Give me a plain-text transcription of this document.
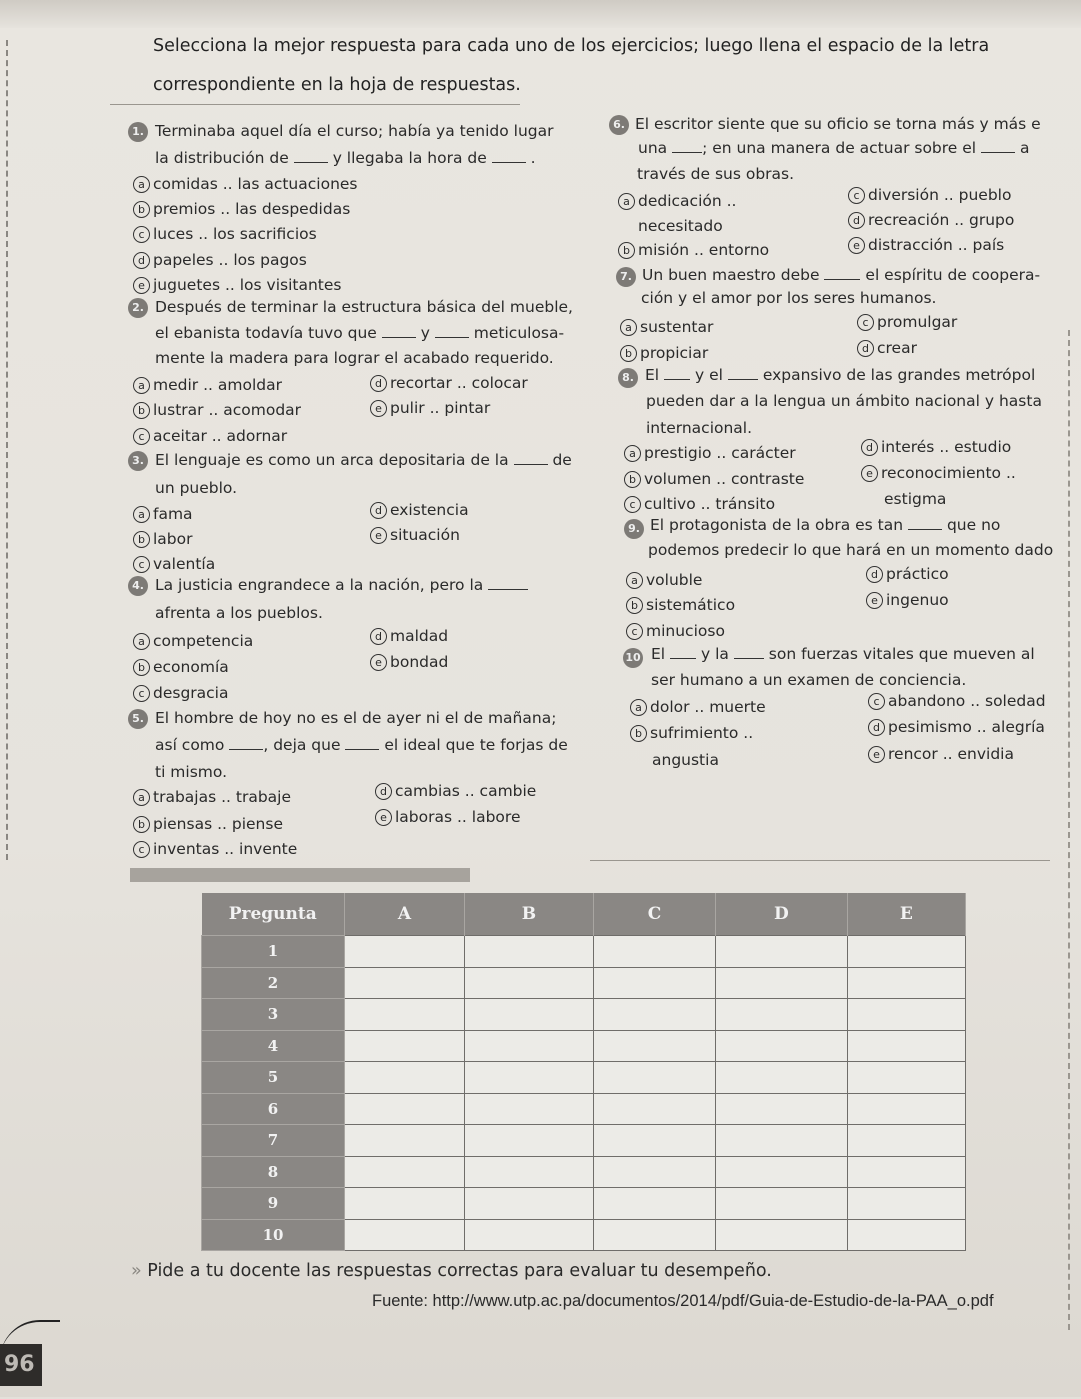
Selecciona la mejor respuesta para cada uno de los ejercicios; luego llena el espacio de la letra
correspondiente en la hoja de respuestas.
1. Terminaba aquel día el curso; había ya tenido lugar
la distribución de	y llegaba la hora de	.
a comidas .. las actuaciones
b premios .. las despedidas
c luces .. los sacrificios
d papeles .. los pagos
e juguetes .. los visitantes
2. Después de terminar la estructura básica del mueble,
el ebanista todavía tuvo que	y	meticulosa-
mente la madera para lograr el acabado requerido.
a medir .. amoldar
b lustrar .. acomodar
c aceitar .. adornar
d recortar .. colocar
e pulir .. pintar
3. El lenguaje es como un arca depositaria de la	de
un pueblo.
a fama
b labor
c valentía
d existencia
e situación
4. La justicia engrandece a la nación, pero la
afrenta a los pueblos.
a competencia
b economía
c desgracia
d maldad
e bondad
5. El hombre de hoy no es el de ayer ni el de mañana;
así como	, deja que	el ideal que te forjas de
ti mismo.
a trabajas .. trabaje
b piensas .. piense
c inventas .. invente
d cambias .. cambie
e laboras .. labore
6. El escritor siente que su oficio se torna más y más e
una ; en una manera de actuar sobre el	a
través de sus obras.
a dedicación ..
necesitado
b misión .. entorno
c diversión .. pueblo
d recreación .. grupo
e distracción .. país
7. Un buen maestro debe	el espíritu de coopera-
ción y el amor por los seres humanos.
a sustentar
b propiciar
c promulgar
d crear
8. El y el	expansivo de las grandes metrópol
pueden dar a la lengua un ámbito nacional y hasta
internacional.
a prestigio .. carácter
b volumen .. contraste
c cultivo .. tránsito
d interés .. estudio
e reconocimiento ..
estigma
9. El protagonista de la obra es tan	que no
podemos predecir lo que hará en un momento dado
a voluble
b sistemático
c minucioso
d práctico
e ingenuo
10 El y la	son fuerzas vitales que mueven al
ser humano a un examen de conciencia.
a dolor .. muerte
b sufrimiento ..
angustia
c abandono .. soledad
d pesimismo .. alegría
e rencor .. envidia
Pregunta	A	B	C	D	E
1					
2					
3					
4					
5					
6					
7					
8					
9					
10					
» Pide a tu docente las respuestas correctas para evaluar tu desempeño.
Fuente: http://www.utp.ac.pa/documentos/2014/pdf/Guia-de-Estudio-de-la-PAA_o.pdf
96
